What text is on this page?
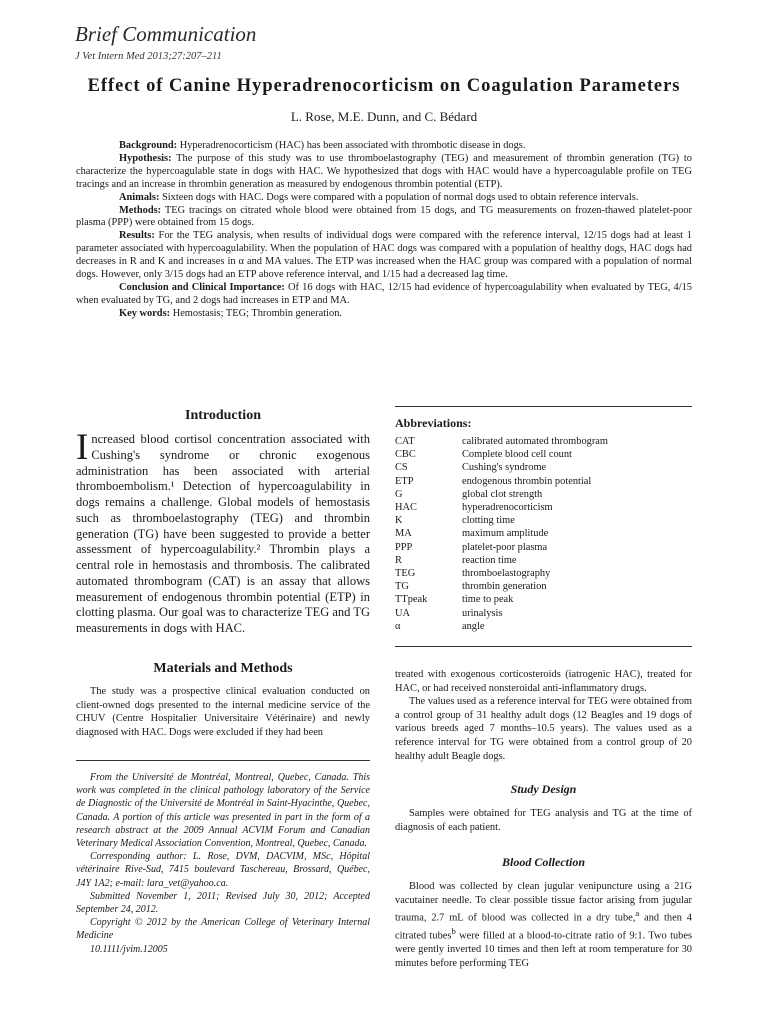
Brief Communication
J Vet Intern Med 2013;27:207–211
Effect of Canine Hyperadrenocorticism on Coagulation Parameters
L. Rose, M.E. Dunn, and C. Bédard

Background: Hyperadrenocorticism (HAC) has been associated with thrombotic disease in dogs.

Hypothesis: The purpose of this study was to use thromboelastography (TEG) and measurement of thrombin generation (TG) to characterize the hypercoagulable state in dogs with HAC. We hypothesized that dogs with HAC would have a hypercoagulable profile on TEG tracings and an increase in thrombin generation as measured by endogenous thrombin potential (ETP).

Animals: Sixteen dogs with HAC. Dogs were compared with a population of normal dogs used to obtain reference intervals.

Methods: TEG tracings on citrated whole blood were obtained from 15 dogs, and TG measurements on frozen-thawed platelet-poor plasma (PPP) were obtained from 15 dogs.

Results: For the TEG analysis, when results of individual dogs were compared with the reference interval, 12/15 dogs had at least 1 parameter associated with hypercoagulability. When the population of HAC dogs was compared with a population of healthy dogs, HAC dogs had decreases in R and K and increases in α and MA values. The ETP was increased when the HAC group was compared with a population of normal dogs. However, only 3/15 dogs had an ETP above reference interval, and 1/15 had a decreased lag time.

Conclusion and Clinical Importance: Of 16 dogs with HAC, 12/15 had evidence of hypercoagulability when evaluated by TEG, 4/15 when evaluated by TG, and 2 dogs had increases in ETP and MA.

Key words: Hemostasis; TEG; Thrombin generation.

Introduction
Increased blood cortisol concentration associated with Cushing's syndrome or chronic exogenous administration has been associated with arterial thromboembolism.¹ Detection of hypercoagulability in dogs remains a challenge. Global models of hemostasis such as thromboelastography (TEG) and thrombin generation (TG) have been suggested to provide a better assessment of hypercoagulability.² Thrombin plays a central role in hemostasis and thrombosis. The calibrated automated thrombogram (CAT) is an assay that allows measurement of endogenous thrombin potential (ETP) in clotting plasma. Our goal was to characterize TEG and TG measurements in dogs with HAC.
Materials and Methods

The study was a prospective clinical evaluation conducted on client-owned dogs presented to the internal medicine service of the CHUV (Centre Hospitalier Universitaire Vétérinaire) and newly diagnosed with HAC. Dogs were excluded if they had been

From the Université de Montréal, Montreal, Quebec, Canada. This work was completed in the clinical pathology laboratory of the Service de Diagnostic of the Université de Montréal in Saint-Hyacinthe, Quebec, Canada. A portion of this article was presented in part in the form of a research abstract at the 2009 Annual ACVIM Forum and Canadian Veterinary Medical Association Convention, Montreal, Quebec, Canada.

Corresponding author: L. Rose, DVM, DACVIM, MSc, Hôpital vétérinaire Rive-Sud, 7415 boulevard Taschereau, Brossard, Québec, J4Y 1A2; e-mail: lara_vet@yahoo.ca.

Submitted November 1, 2011; Revised July 30, 2012; Accepted September 24, 2012.

Copyright © 2012 by the American College of Veterinary Internal Medicine

10.1111/jvim.12005

Abbreviations:
CAT	calibrated automated thrombogram
CBC	Complete blood cell count
CS	Cushing's syndrome
ETP	endogenous thrombin potential
G	global clot strength
HAC	hyperadrenocorticism
K	clotting time
MA	maximum amplitude
PPP	platelet-poor plasma
R	reaction time
TEG	thromboelastography
TG	thrombin generation
TTpeak	time to peak
UA	urinalysis
α	angle

treated with exogenous corticosteroids (iatrogenic HAC), treated for HAC, or had received nonsteroidal anti-inflammatory drugs.

The values used as a reference interval for TEG were obtained from a control group of 31 healthy adult dogs (12 Beagles and 19 dogs of various breeds aged 7 months–10.5 years). The values used as a reference interval for TG were obtained from a control group of 20 healthy adult Beagle dogs.

Study Design

Samples were obtained for TEG analysis and TG at the time of diagnosis of each patient.

Blood Collection

Blood was collected by clean jugular venipuncture using a 21G vacutainer needle. To clear possible tissue factor arising from jugular trauma, 2.7 mL of blood was collected in a dry tube,$^a$ and then 4 citrated tubes$^b$ were filled at a blood-to-citrate ratio of 9:1. Two tubes were gently inverted 10 times and then left at room temperature for 30 minutes before performing TEG
